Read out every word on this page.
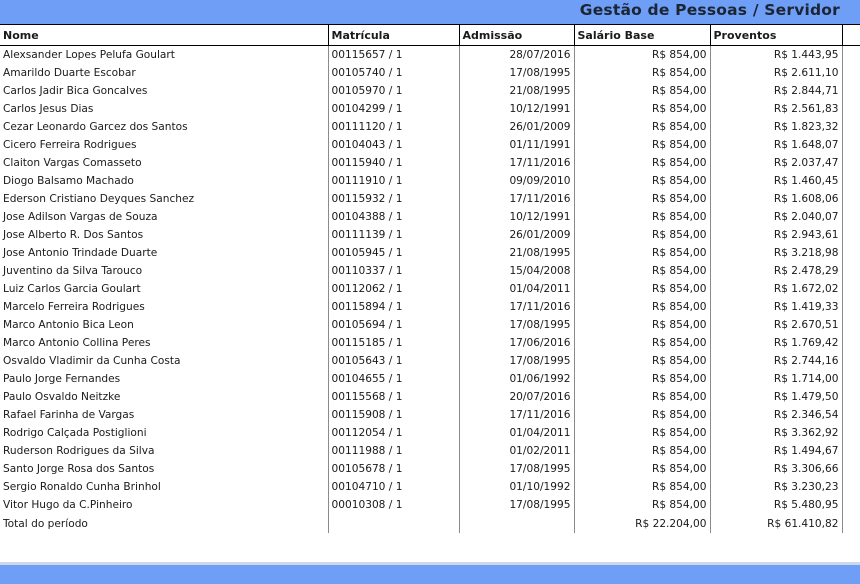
Gestão de Pessoas / Servidor
Nome	Matrícula	Admissão	Salário Base	Proventos	
Alexsander Lopes Pelufa Goulart	00115657 / 1	28/07/2016	R$ 854,00	R$ 1.443,95	
Amarildo Duarte Escobar	00105740 / 1	17/08/1995	R$ 854,00	R$ 2.611,10	
Carlos Jadir Bica Goncalves	00105970 / 1	21/08/1995	R$ 854,00	R$ 2.844,71	
Carlos Jesus Dias	00104299 / 1	10/12/1991	R$ 854,00	R$ 2.561,83	
Cezar Leonardo Garcez dos Santos	00111120 / 1	26/01/2009	R$ 854,00	R$ 1.823,32	
Cicero Ferreira Rodrigues	00104043 / 1	01/11/1991	R$ 854,00	R$ 1.648,07	
Claiton Vargas Comasseto	00115940 / 1	17/11/2016	R$ 854,00	R$ 2.037,47	
Diogo Balsamo Machado	00111910 / 1	09/09/2010	R$ 854,00	R$ 1.460,45	
Ederson Cristiano Deyques Sanchez	00115932 / 1	17/11/2016	R$ 854,00	R$ 1.608,06	
Jose Adilson Vargas de Souza	00104388 / 1	10/12/1991	R$ 854,00	R$ 2.040,07	
Jose Alberto R. Dos Santos	00111139 / 1	26/01/2009	R$ 854,00	R$ 2.943,61	
Jose Antonio Trindade Duarte	00105945 / 1	21/08/1995	R$ 854,00	R$ 3.218,98	
Juventino da Silva Tarouco	00110337 / 1	15/04/2008	R$ 854,00	R$ 2.478,29	
Luiz Carlos Garcia Goulart	00112062 / 1	01/04/2011	R$ 854,00	R$ 1.672,02	
Marcelo Ferreira Rodrigues	00115894 / 1	17/11/2016	R$ 854,00	R$ 1.419,33	
Marco Antonio Bica Leon	00105694 / 1	17/08/1995	R$ 854,00	R$ 2.670,51	
Marco Antonio Collina Peres	00115185 / 1	17/06/2016	R$ 854,00	R$ 1.769,42	
Osvaldo Vladimir da Cunha Costa	00105643 / 1	17/08/1995	R$ 854,00	R$ 2.744,16	
Paulo Jorge Fernandes	00104655 / 1	01/06/1992	R$ 854,00	R$ 1.714,00	
Paulo Osvaldo Neitzke	00115568 / 1	20/07/2016	R$ 854,00	R$ 1.479,50	
Rafael Farinha de Vargas	00115908 / 1	17/11/2016	R$ 854,00	R$ 2.346,54	
Rodrigo Calçada Postiglioni	00112054 / 1	01/04/2011	R$ 854,00	R$ 3.362,92	
Ruderson Rodrigues da Silva	00111988 / 1	01/02/2011	R$ 854,00	R$ 1.494,67	
Santo Jorge Rosa dos Santos	00105678 / 1	17/08/1995	R$ 854,00	R$ 3.306,66	
Sergio Ronaldo Cunha Brinhol	00104710 / 1	01/10/1992	R$ 854,00	R$ 3.230,23	
Vitor Hugo da C.Pinheiro	00010308 / 1	17/08/1995	R$ 854,00	R$ 5.480,95	
Total do período			R$ 22.204,00	R$ 61.410,82	
